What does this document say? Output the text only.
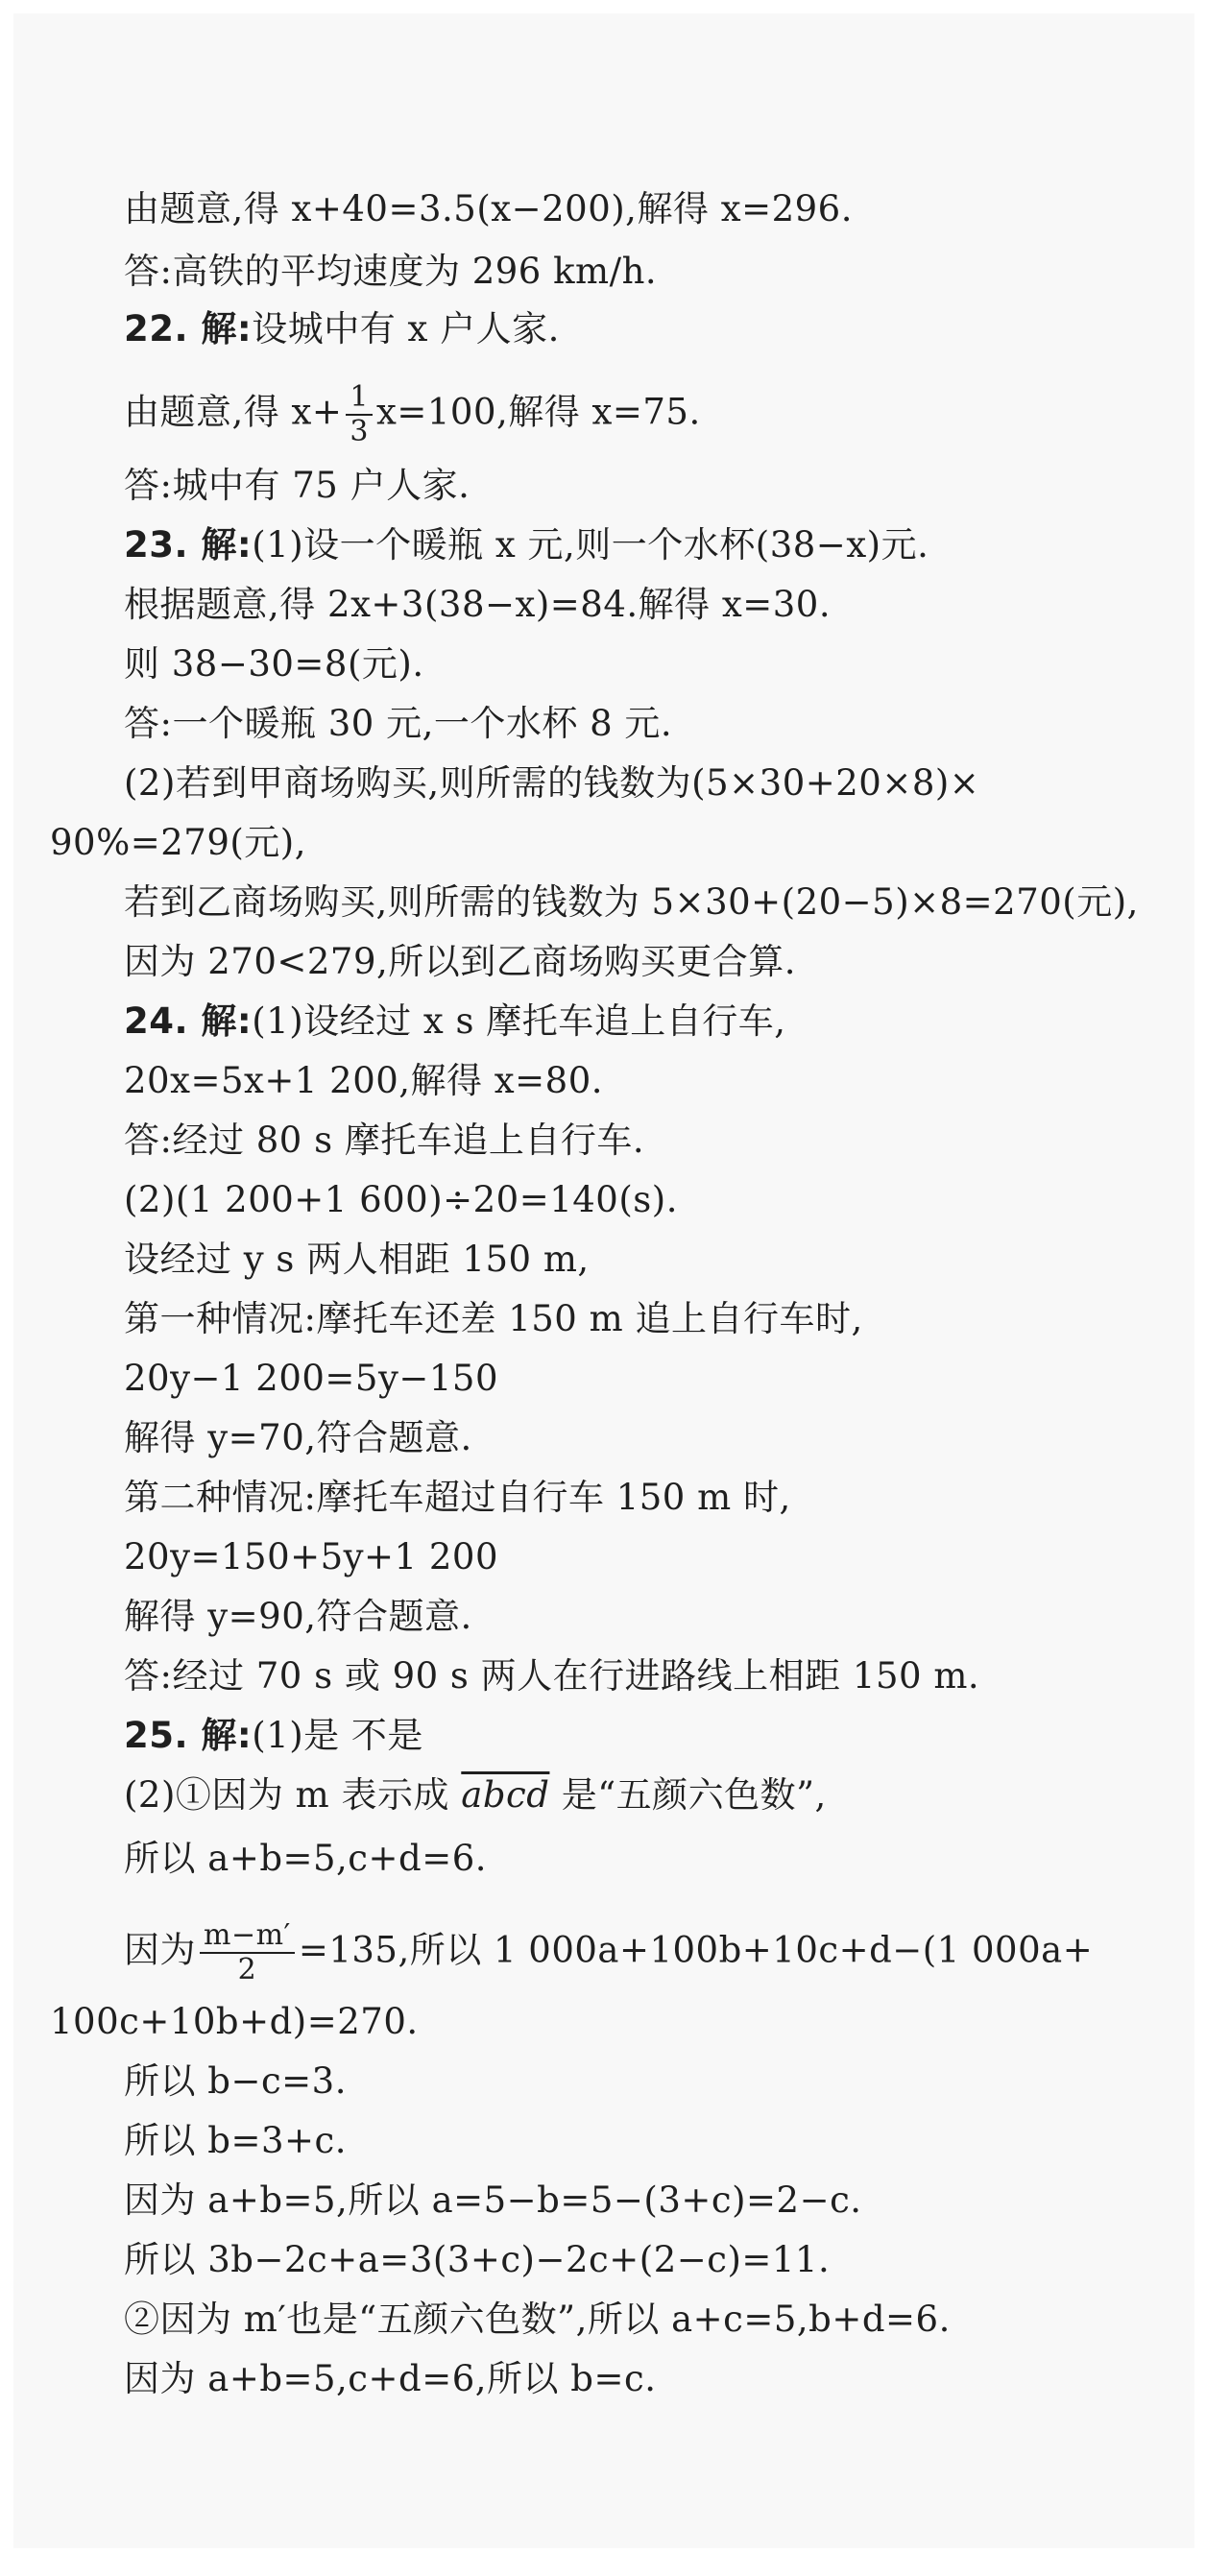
由题意,得 x+40=3.5(x−200),解得 x=296.
答:高铁的平均速度为 296 km/h.
22. 解:设城中有 x 户人家.
由题意,得 $x+ \frac{1}{3} x=100$,解得 x=75.
答:城中有 75 户人家.
23. 解:(1)设一个暖瓶 x 元,则一个水杯(38−x)元.
根据题意,得 2x+3(38−x)=84.解得 x=30.
则 38−30=8(元).
答:一个暖瓶 30 元,一个水杯 8 元.
(2)若到甲商场购买,则所需的钱数为(5×30+20×8)×
90%=279(元),
若到乙商场购买,则所需的钱数为 5×30+(20−5)×8=270(元),
因为 270<279,所以到乙商场购买更合算.
24. 解:(1)设经过 x s 摩托车追上自行车,
20x=5x+1 200,解得 x=80.
答:经过 80 s 摩托车追上自行车.
(2)(1 200+1 600)÷20=140(s).
设经过 y s 两人相距 150 m,
第一种情况:摩托车还差 150 m 追上自行车时,
20y−1 200=5y−150
解得 y=70,符合题意.
第二种情况:摩托车超过自行车 150 m 时,
20y=150+5y+1 200
解得 y=90,符合题意.
答:经过 70 s 或 90 s 两人在行进路线上相距 150 m.
25. 解:(1)是 不是
(2)①因为 m 表示成 abcd 是“五颜六色数”,
所以 a+b=5,c+d=6.
因为 $\frac{m-m'}{2} =135$,所以 1 000a+100b+10c+d−(1 000a+
100c+10b+d)=270.
所以 b−c=3.
所以 b=3+c.
因为 a+b=5,所以 a=5−b=5−(3+c)=2−c.
所以 3b−2c+a=3(3+c)−2c+(2−c)=11.
②因为 m′也是“五颜六色数”,所以 a+c=5,b+d=6.
因为 a+b=5,c+d=6,所以 b=c.
